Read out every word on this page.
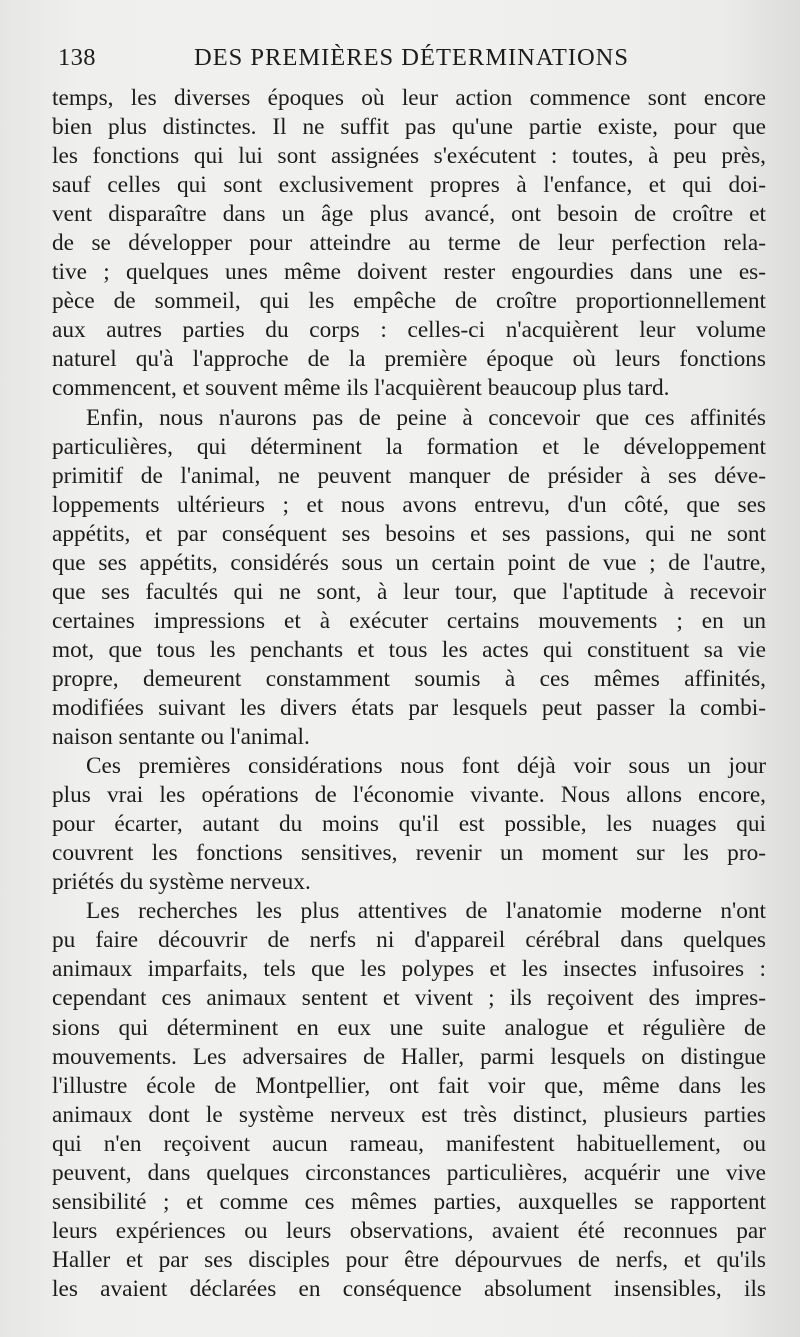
138	DES PREMIÈRES DÉTERMINATIONS
temps, les diverses époques où leur action commence sont encore
bien plus distinctes. Il ne suffit pas qu'une partie existe, pour que
les fonctions qui lui sont assignées s'exécutent : toutes, à peu près,
sauf celles qui sont exclusivement propres à l'enfance, et qui doi-
vent disparaître dans un âge plus avancé, ont besoin de croître et
de se développer pour atteindre au terme de leur perfection rela-
tive ; quelques unes même doivent rester engourdies dans une es-
pèce de sommeil, qui les empêche de croître proportionnellement
aux autres parties du corps : celles-ci n'acquièrent leur volume
naturel qu'à l'approche de la première époque où leurs fonctions
commencent, et souvent même ils l'acquièrent beaucoup plus tard.
Enfin, nous n'aurons pas de peine à concevoir que ces affinités
particulières, qui déterminent la formation et le développement
primitif de l'animal, ne peuvent manquer de présider à ses déve-
loppements ultérieurs ; et nous avons entrevu, d'un côté, que ses
appétits, et par conséquent ses besoins et ses passions, qui ne sont
que ses appétits, considérés sous un certain point de vue ; de l'autre,
que ses facultés qui ne sont, à leur tour, que l'aptitude à recevoir
certaines impressions et à exécuter certains mouvements ; en un
mot, que tous les penchants et tous les actes qui constituent sa vie
propre, demeurent constamment soumis à ces mêmes affinités,
modifiées suivant les divers états par lesquels peut passer la combi-
naison sentante ou l'animal.
Ces premières considérations nous font déjà voir sous un jour
plus vrai les opérations de l'économie vivante. Nous allons encore,
pour écarter, autant du moins qu'il est possible, les nuages qui
couvrent les fonctions sensitives, revenir un moment sur les pro-
priétés du système nerveux.
Les recherches les plus attentives de l'anatomie moderne n'ont
pu faire découvrir de nerfs ni d'appareil cérébral dans quelques
animaux imparfaits, tels que les polypes et les insectes infusoires :
cependant ces animaux sentent et vivent ; ils reçoivent des impres-
sions qui déterminent en eux une suite analogue et régulière de
mouvements. Les adversaires de Haller, parmi lesquels on distingue
l'illustre école de Montpellier, ont fait voir que, même dans les
animaux dont le système nerveux est très distinct, plusieurs parties
qui n'en reçoivent aucun rameau, manifestent habituellement, ou
peuvent, dans quelques circonstances particulières, acquérir une vive
sensibilité ; et comme ces mêmes parties, auxquelles se rapportent
leurs expériences ou leurs observations, avaient été reconnues par
Haller et par ses disciples pour être dépourvues de nerfs, et qu'ils
les avaient déclarées en conséquence absolument insensibles, ils
